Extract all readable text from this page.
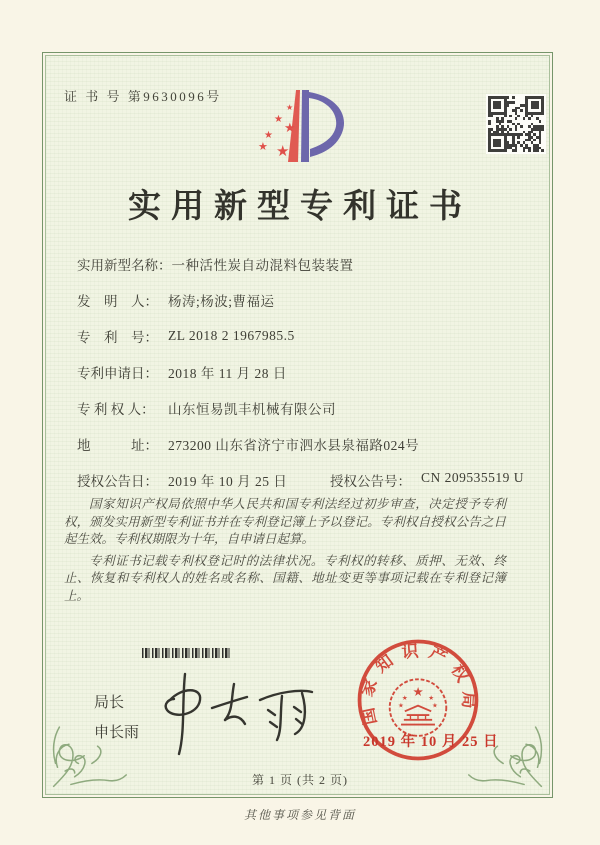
证 书 号 第9630096号
★
★
★
★
★ ★
实用新型专利证书
实用新型名称： 一种活性炭自动混料包装装置
发　明　人： 杨涛;杨波;曹福运
专　利　号： ZL 2018 2 1967985.5
专利申请日： 2018 年 11 月 28 日
专 利 权 人： 山东恒易凯丰机械有限公司
地　　　址： 273200 山东省济宁市泗水县泉福路024号
授权公告日： 2019 年 10 月 25 日	授权公告号： CN 209535519 U

国家知识产权局依照中华人民共和国专利法经过初步审查，决定授予专利权，颁发实用新型专利证书并在专利登记簿上予以登记。专利权自授权公告之日起生效。专利权期限为十年，自申请日起算。

专利证书记载专利权登记时的法律状况。专利权的转移、质押、无效、终止、恢复和专利权人的姓名或名称、国籍、地址变更等事项记载在专利登记簿上。

局长
申长雨
国家知识产权局
★
★	★
★	★
2019 年 10 月 25 日
第 1 页 (共 2 页)
其他事项参见背面
